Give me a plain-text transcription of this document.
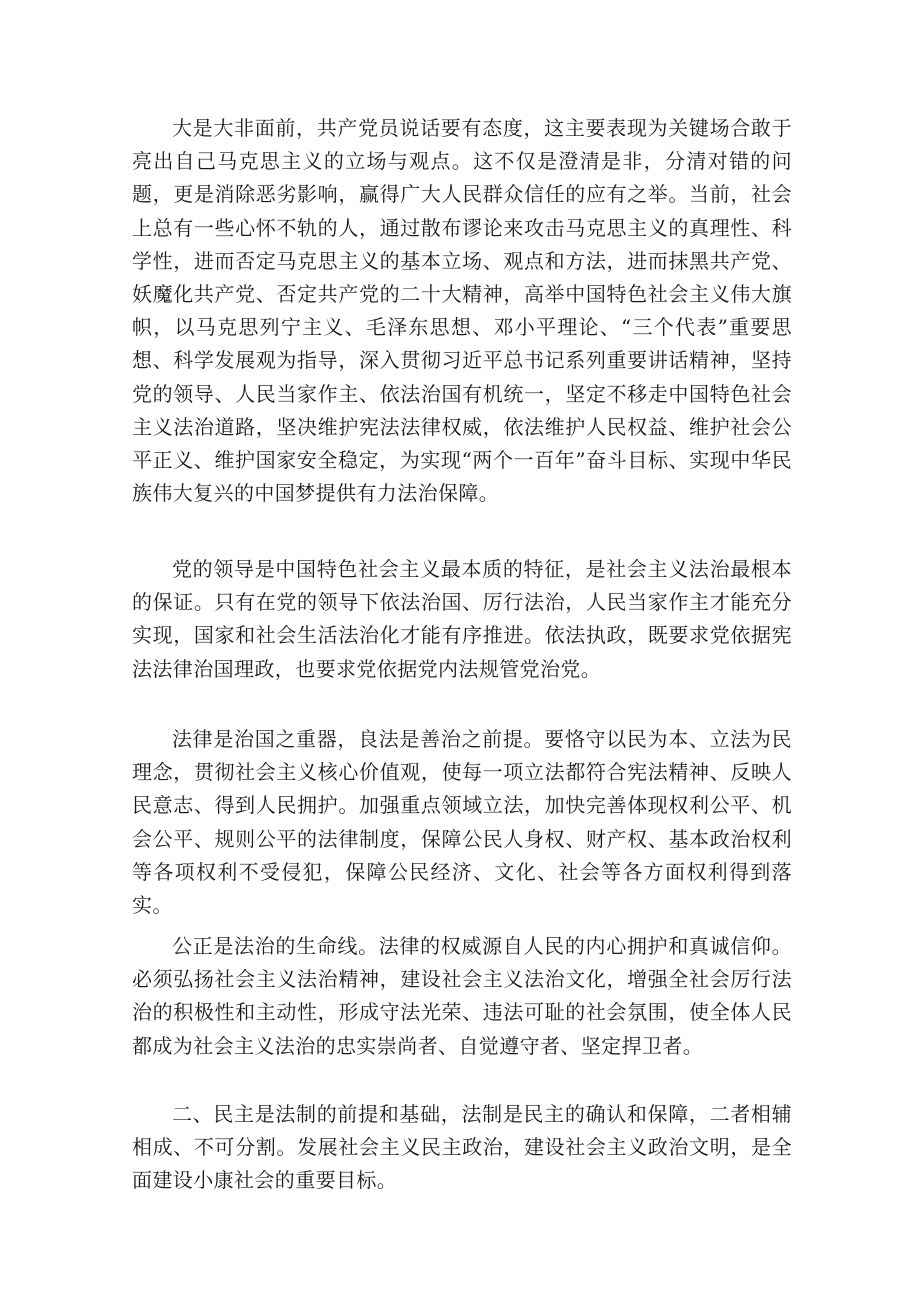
大是大非面前，共产党员说话要有态度，这主要表现为关键场合敢于亮出自己马克思主义的立场与观点。这不仅是澄清是非，分清对错的问题，更是消除恶劣影响，赢得广大人民群众信任的应有之举。当前，社会上总有一些心怀不轨的人，通过散布谬论来攻击马克思主义的真理性、科学性，进而否定马克思主义的基本立场、观点和方法，进而抹黑共产党、妖魔化共产党、否定共产党的二十大精神，高举中国特色社会主义伟大旗帜，以马克思列宁主义、毛泽东思想、邓小平理论、“三个代表”重要思想、科学发展观为指导，深入贯彻习近平总书记系列重要讲话精神，坚持党的领导、人民当家作主、依法治国有机统一，坚定不移走中国特色社会主义法治道路，坚决维护宪法法律权威，依法维护人民权益、维护社会公平正义、维护国家安全稳定，为实现“两个一百年”奋斗目标、实现中华民族伟大复兴的中国梦提供有力法治保障。

党的领导是中国特色社会主义最本质的特征，是社会主义法治最根本的保证。只有在党的领导下依法治国、厉行法治，人民当家作主才能充分实现，国家和社会生活法治化才能有序推进。依法执政，既要求党依据宪法法律治国理政，也要求党依据党内法规管党治党。

法律是治国之重器，良法是善治之前提。要恪守以民为本、立法为民理念，贯彻社会主义核心价值观，使每一项立法都符合宪法精神、反映人民意志、得到人民拥护。加强重点领域立法，加快完善体现权利公平、机会公平、规则公平的法律制度，保障公民人身权、财产权、基本政治权利等各项权利不受侵犯，保障公民经济、文化、社会等各方面权利得到落实。

公正是法治的生命线。法律的权威源自人民的内心拥护和真诚信仰。必须弘扬社会主义法治精神，建设社会主义法治文化，增强全社会厉行法治的积极性和主动性，形成守法光荣、违法可耻的社会氛围，使全体人民都成为社会主义法治的忠实崇尚者、自觉遵守者、坚定捍卫者。

二、民主是法制的前提和基础，法制是民主的确认和保障，二者相辅相成、不可分割。发展社会主义民主政治，建设社会主义政治文明，是全面建设小康社会的重要目标。
